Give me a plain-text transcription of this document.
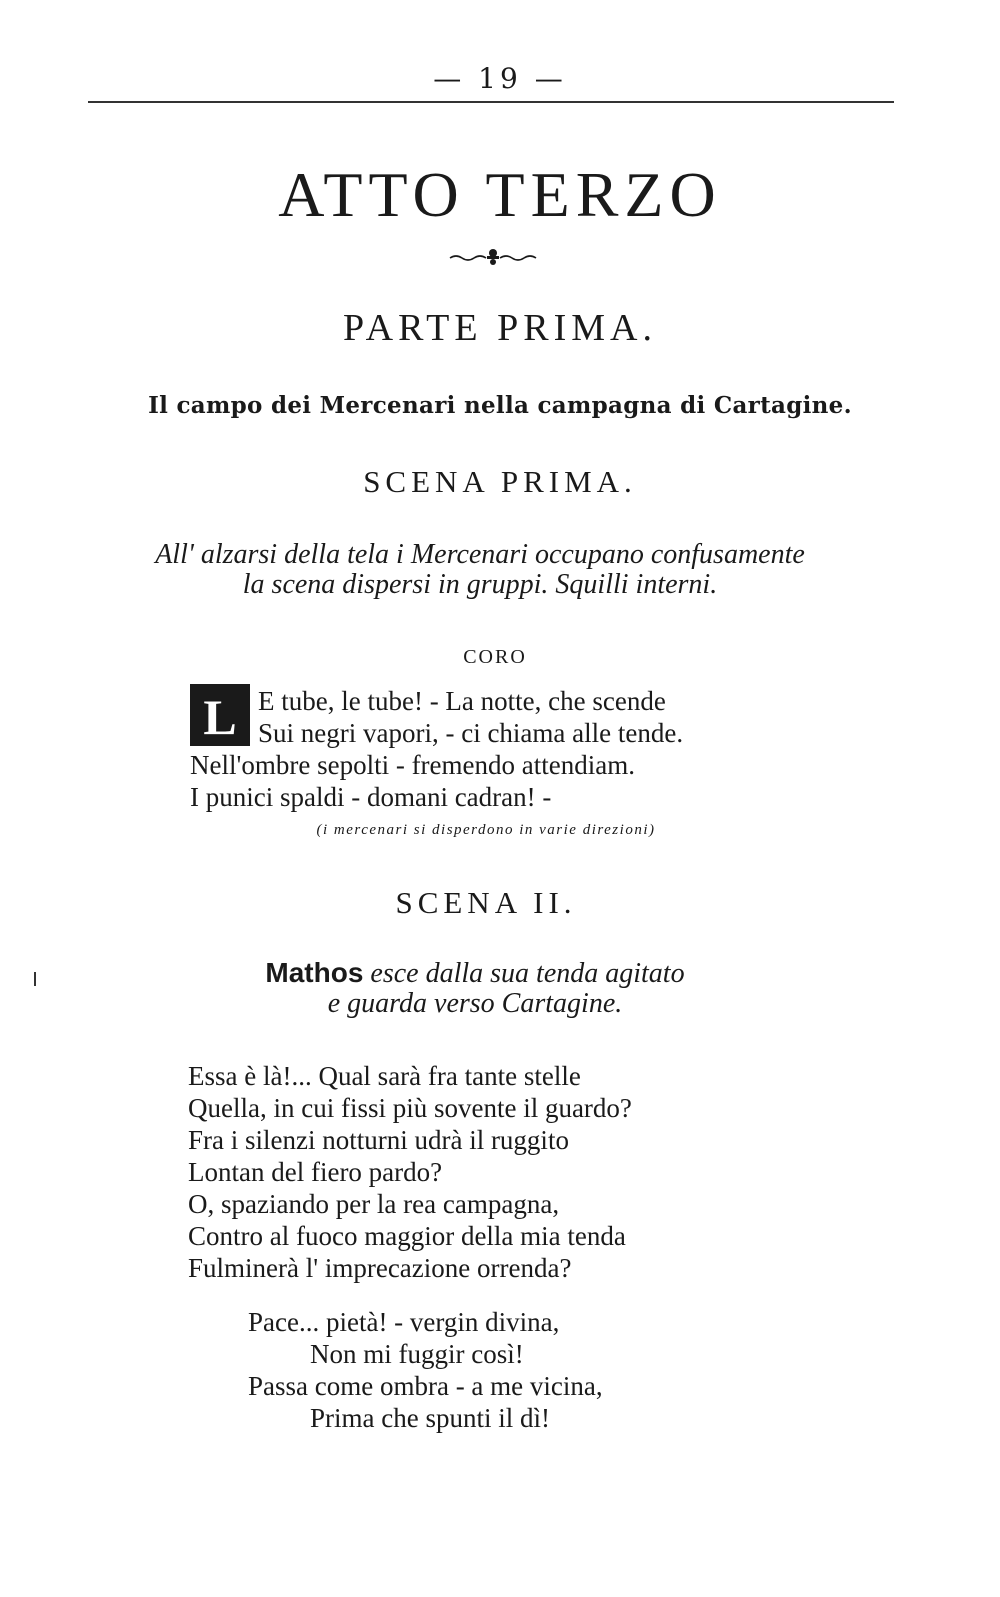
— 19 —
ATTO TERZO
PARTE PRIMA.
Il campo dei Mercenari nella campagna di Cartagine.
SCENA PRIMA.
All' alzarsi della tela i Mercenari occupano confusamente
la scena dispersi in gruppi. Squilli interni.
CORO
L E tube, le tube! - La notte, che scende
Sui negri vapori, - ci chiama alle tende.
Nell'ombre sepolti - fremendo attendiam.
I punici spaldi - domani cadran! -
(i mercenari si disperdono in varie direzioni)
SCENA II.
Mathos esce dalla sua tenda agitato
e guarda verso Cartagine.
Essa è là!... Qual sarà fra tante stelle
Quella, in cui fissi più sovente il guardo?
Fra i silenzi notturni udrà il ruggito
Lontan del fiero pardo?
O, spaziando per la rea campagna,
Contro al fuoco maggior della mia tenda
Fulminerà l' imprecazione orrenda?
Pace... pietà! - vergin divina,
Non mi fuggir così!
Passa come ombra - a me vicina,
Prima che spunti il dì!
